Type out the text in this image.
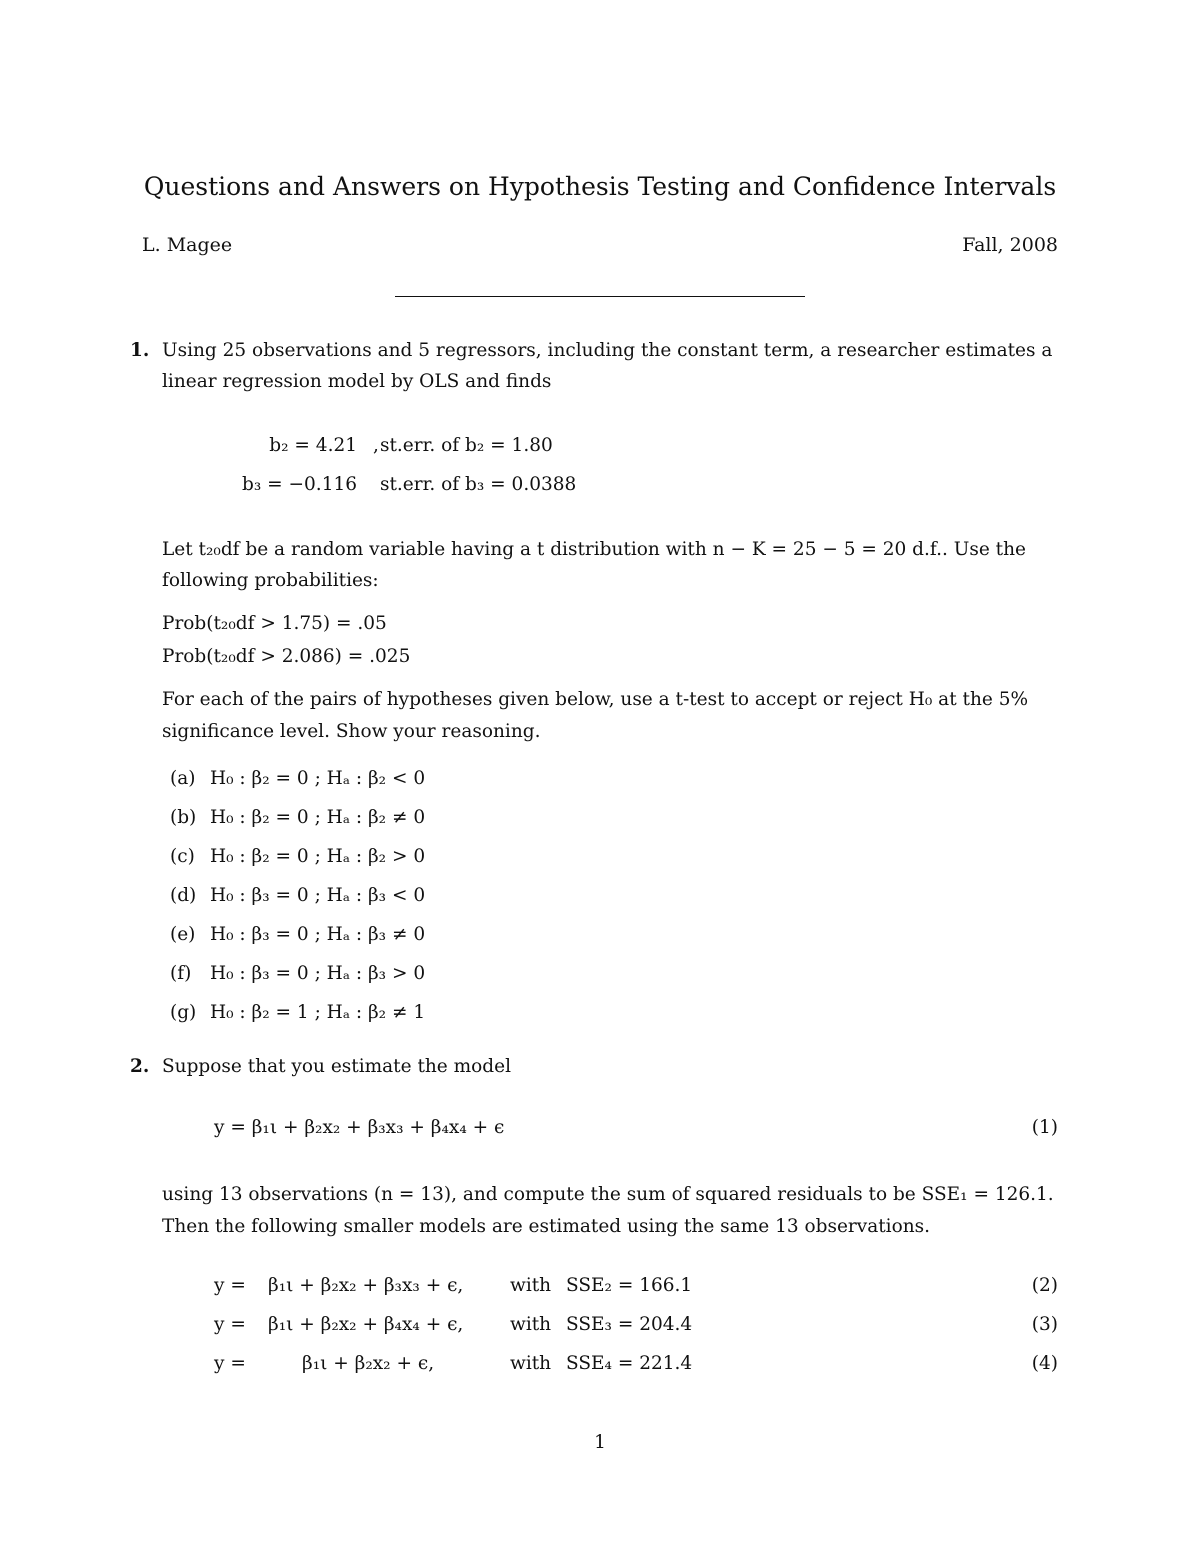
Questions and Answers on Hypothesis Testing and Confidence Intervals
L. Magee	Fall, 2008
1. Using 25 observations and 5 regressors, including the constant term, a researcher estimates a
linear regression model by OLS and finds
b₂ = 4.21 , st.err. of b₂ = 1.80
b₃ = −0.116 st.err. of b₃ = 0.0388
Let t₂₀df be a random variable having a t distribution with n − K = 25 − 5 = 20 d.f.. Use the
following probabilities:
Prob(t₂₀df > 1.75) = .05
Prob(t₂₀df > 2.086) = .025
For each of the pairs of hypotheses given below, use a t-test to accept or reject H₀ at the 5%
significance level. Show your reasoning.
(a) H₀ : β₂ = 0 ; Hₐ : β₂ < 0
(b) H₀ : β₂ = 0 ; Hₐ : β₂ ≠ 0
(c) H₀ : β₂ = 0 ; Hₐ : β₂ > 0
(d) H₀ : β₃ = 0 ; Hₐ : β₃ < 0
(e) H₀ : β₃ = 0 ; Hₐ : β₃ ≠ 0
(f) H₀ : β₃ = 0 ; Hₐ : β₃ > 0
(g) H₀ : β₂ = 1 ; Hₐ : β₂ ≠ 1
2. Suppose that you estimate the model
y = β₁ι + β₂x₂ + β₃x₃ + β₄x₄ + ϵ	(1)
using 13 observations (n = 13), and compute the sum of squared residuals to be SSE₁ = 126.1.
Then the following smaller models are estimated using the same 13 observations.
y = β₁ι + β₂x₂ + β₃x₃ + ϵ,	with SSE₂ = 166.1	(2)
y = β₁ι + β₂x₂ + β₄x₄ + ϵ,	with SSE₃ = 204.4	(3)
y =	β₁ι + β₂x₂ + ϵ,	with SSE₄ = 221.4	(4)
1
